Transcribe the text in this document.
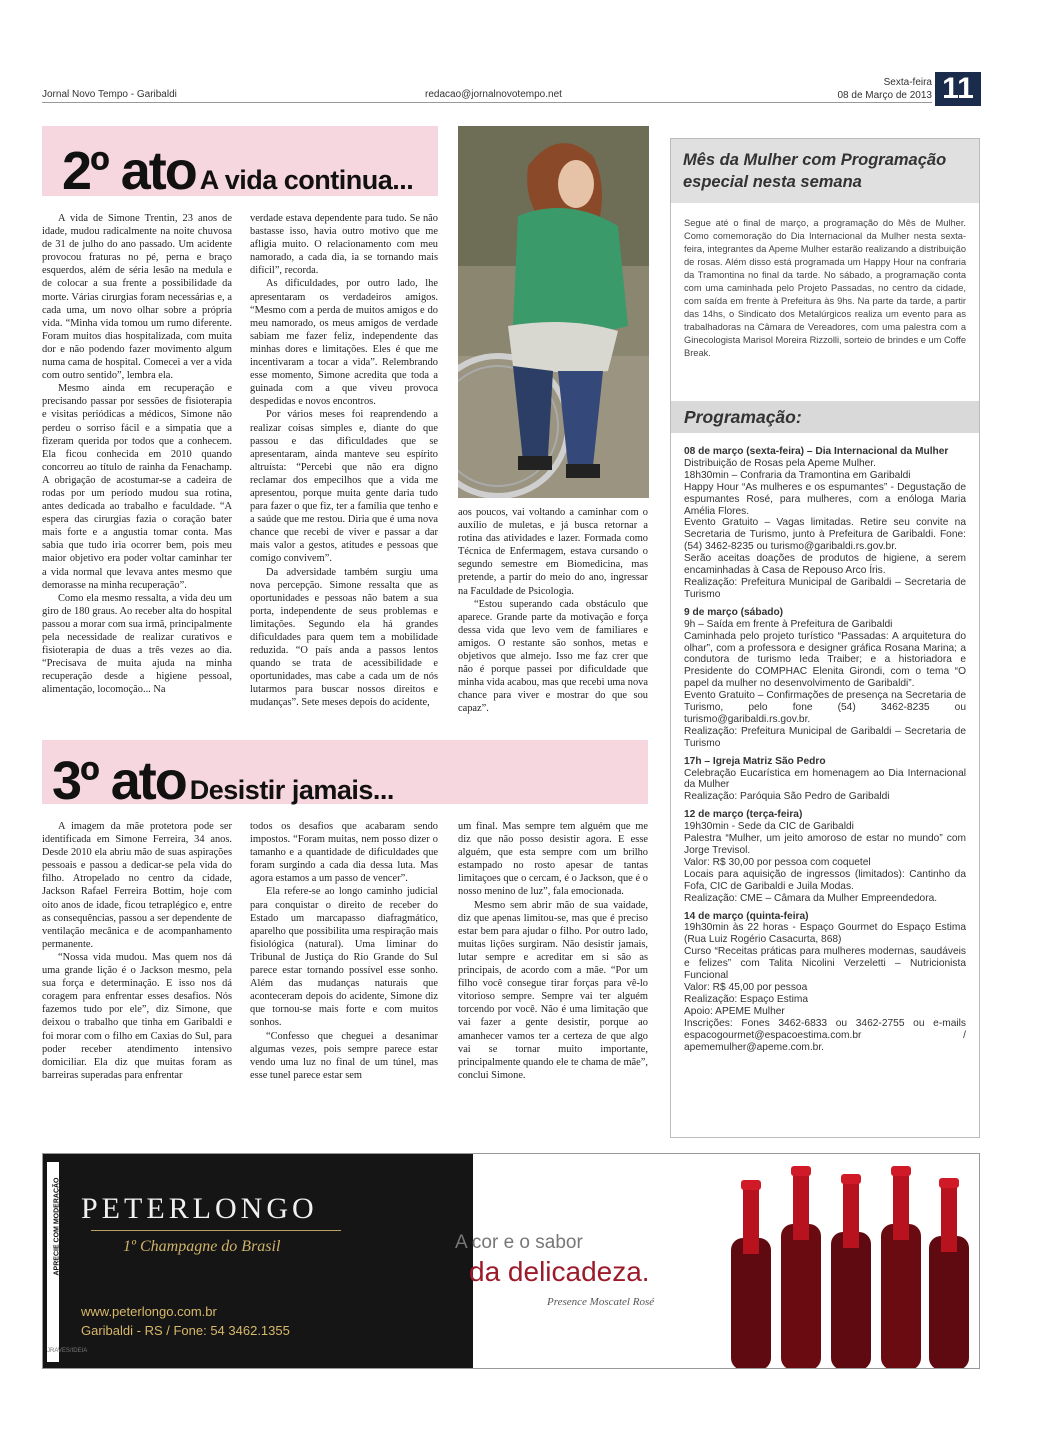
Jornal Novo Tempo - Garibaldi	redacao@jornalnovotempo.net
Sexta-feira
08 de Março de 2013 11
2º ato A vida continua...

A vida de Simone Trentin, 23 anos de idade, mudou radicalmente na noite chuvosa de 31 de julho do ano passado. Um acidente provocou fraturas no pé, perna e braço esquerdos, além de séria lesão na medula e de colocar a sua frente a possibilidade da morte. Várias cirurgias foram necessárias e, a cada uma, um novo olhar sobre a própria vida. “Minha vida tomou um rumo diferente. Foram muitos dias hospitalizada, com muita dor e não podendo fazer movimento algum numa cama de hospital. Comecei a ver a vida com outro sentido”, lembra ela.

Mesmo ainda em recuperação e precisando passar por sessões de fisioterapia e visitas periódicas a médicos, Simone não perdeu o sorriso fácil e a simpatia que a fizeram querida por todos que a conhecem. Ela ficou conhecida em 2010 quando concorreu ao título de rainha da Fenachamp. A obrigação de acostumar-se a cadeira de rodas por um período mudou sua rotina, antes dedicada ao trabalho e faculdade. “A espera das cirurgias fazia o coração bater mais forte e a angustia tomar conta. Mas sabia que tudo iria ocorrer bem, pois meu maior objetivo era poder voltar caminhar ter a vida normal que levava antes mesmo que demorasse na minha recuperação”.

Como ela mesmo ressalta, a vida deu um giro de 180 graus. Ao receber alta do hospital passou a morar com sua irmã, principalmente pela necessidade de realizar curativos e fisioterapia de duas a três vezes ao dia. “Precisava de muita ajuda na minha recuperação desde a higiene pessoal, alimentação, locomoção... Na

verdade estava dependente para tudo. Se não bastasse isso, havia outro motivo que me afligia muito. O relacionamento com meu namorado, a cada dia, ia se tornando mais difícil”, recorda.

As dificuldades, por outro lado, lhe apresentaram os verdadeiros amigos. “Mesmo com a perda de muitos amigos e do meu namorado, os meus amigos de verdade sabiam me fazer feliz, independente das minhas dores e limitações. Eles é que me incentivaram a tocar a vida”. Relembrando esse momento, Simone acredita que toda a guinada com a que viveu provoca despedidas e novos encontros.

Por vários meses foi reaprendendo a realizar coisas simples e, diante do que passou e das dificuldades que se apresentaram, ainda manteve seu espírito altruísta: “Percebi que não era digno reclamar dos empecilhos que a vida me apresentou, porque muita gente daria tudo para fazer o que fiz, ter a família que tenho e a saúde que me restou. Diria que é uma nova chance que recebi de viver e passar a dar mais valor a gestos, atitudes e pessoas que comigo convivem”.

Da adversidade também surgiu uma nova percepção. Simone ressalta que as oportunidades e pessoas não batem a sua porta, independente de seus problemas e limitações. Segundo ela há grandes dificuldades para quem tem a mobilidade reduzida. “O país anda a passos lentos quando se trata de acessibilidade e oportunidades, mas cabe a cada um de nós lutarmos para buscar nossos direitos e mudanças”. Sete meses depois do acidente,

aos poucos, vai voltando a caminhar com o auxílio de muletas, e já busca retornar a rotina das atividades e lazer. Formada como Técnica de Enfermagem, estava cursando o segundo semestre em Biomedicina, mas pretende, a partir do meio do ano, ingressar na Faculdade de Psicologia.

“Estou superando cada obstáculo que aparece. Grande parte da motivação e força dessa vida que levo vem de familiares e amigos. O restante são sonhos, metas e objetivos que almejo. Isso me faz crer que não é porque passei por dificuldade que minha vida acabou, mas que recebi uma nova chance para viver e mostrar do que sou capaz”.

3º ato Desistir jamais...

A imagem da mãe protetora pode ser identificada em Simone Ferreira, 34 anos. Desde 2010 ela abriu mão de suas aspirações pessoais e passou a dedicar-se pela vida do filho. Atropelado no centro da cidade, Jackson Rafael Ferreira Bottim, hoje com oito anos de idade, ficou tetraplégico e, entre as consequências, passou a ser dependente de ventilação mecânica e de acompanhamento permanente.

“Nossa vida mudou. Mas quem nos dá uma grande lição é o Jackson mesmo, pela sua força e determinação. E isso nos dá coragem para enfrentar esses desafios. Nós fazemos tudo por ele”, diz Simone, que deixou o trabalho que tinha em Garibaldi e foi morar com o filho em Caxias do Sul, para poder receber atendimento intensivo domiciliar. Ela diz que muitas foram as barreiras superadas para enfrentar

todos os desafios que acabaram sendo impostos. “Foram muitas, nem posso dizer o tamanho e a quantidade de dificuldades que foram surgindo a cada dia dessa luta. Mas agora estamos a um passo de vencer”.

Ela refere-se ao longo caminho judicial para conquistar o direito de receber do Estado um marcapasso diafragmático, aparelho que possibilita uma respiração mais fisiológica (natural). Uma liminar do Tribunal de Justiça do Rio Grande do Sul parece estar tornando possível esse sonho. Além das mudanças naturais que aconteceram depois do acidente, Simone diz que tornou-se mais forte e com muitos sonhos.

“Confesso que cheguei a desanimar algumas vezes, pois sempre parece estar vendo uma luz no final de um túnel, mas esse tunel parece estar sem

um final. Mas sempre tem alguém que me diz que não posso desistir agora. E esse alguém, que esta sempre com um brilho estampado no rosto apesar de tantas limitaçoes que o cercam, é o Jackson, que é o nosso menino de luz”, fala emocionada.

Mesmo sem abrir mão de sua vaidade, diz que apenas limitou-se, mas que é preciso estar bem para ajudar o filho. Por outro lado, muitas lições surgiram. Não desistir jamais, lutar sempre e acreditar em si são as principais, de acordo com a mãe. “Por um filho você consegue tirar forças para vê-lo vitorioso sempre. Sempre vai ter alguém torcendo por você. Não é uma limitação que vai fazer a gente desistir, porque ao amanhecer vamos ter a certeza de que algo vai se tornar muito importante, principalmente quando ele te chama de mãe”, conclui Simone.

Mês da Mulher com Programação especial nesta semana
Segue até o final de março, a programação do Mês de Mulher. Como comemoração do Dia Internacional da Mulher nesta sexta-feira, integrantes da Apeme Mulher estarão realizando a distribuição de rosas. Além disso está programada um Happy Hour na confraria da Tramontina no final da tarde. No sábado, a programação conta com uma caminhada pelo Projeto Passadas, no centro da cidade, com saída em frente à Prefeitura às 9hs. Na parte da tarde, a partir das 14hs, o Sindicato dos Metalúrgicos realiza um evento para as trabalhadoras na Câmara de Vereadores, com uma palestra com a Ginecologista Marisol Moreira Rizzolli, sorteio de brindes e um Coffe Break.
Programação:
08 de março (sexta-feira) – Dia Internacional da Mulher
Distribuição de Rosas pela Apeme Mulher.
18h30min – Confraria da Tramontina em Garibaldi
Happy Hour “As mulheres e os espumantes” - Degustação de espumantes Rosé, para mulheres, com a enóloga Maria Amélia Flores.
Evento Gratuito – Vagas limitadas. Retire seu convite na Secretaria de Turismo, junto à Prefeitura de Garibaldi. Fone: (54) 3462-8235 ou turismo@garibaldi.rs.gov.br.
Serão aceitas doações de produtos de higiene, a serem encaminhadas à Casa de Repouso Arco Íris.
Realização: Prefeitura Municipal de Garibaldi – Secretaria de Turismo
9 de março (sábado)
9h – Saída em frente à Prefeitura de Garibaldi
Caminhada pelo projeto turístico “Passadas: A arquitetura do olhar”, com a professora e designer gráfica Rosana Marina; a condutora de turismo Ieda Traiber; e a historiadora e Presidente do COMPHAC Elenita Girondi, com o tema “O papel da mulher no desenvolvimento de Garibaldi”.
Evento Gratuito – Confirmações de presença na Secretaria de Turismo, pelo fone (54) 3462-8235 ou turismo@garibaldi.rs.gov.br.
Realização: Prefeitura Municipal de Garibaldi – Secretaria de Turismo
17h – Igreja Matriz São Pedro
Celebração Eucarística em homenagem ao Dia Internacional da Mulher
Realização: Paróquia São Pedro de Garibaldi
12 de março (terça-feira)
19h30min - Sede da CIC de Garibaldi
Palestra “Mulher, um jeito amoroso de estar no mundo” com Jorge Trevisol.
Valor: R$ 30,00 por pessoa com coquetel
Locais para aquisição de ingressos (limitados): Cantinho da Fofa, CIC de Garibaldi e Juila Modas.
Realização: CME – Câmara da Mulher Empreendedora.
14 de março (quinta-feira)
19h30min às 22 horas - Espaço Gourmet do Espaço Estima (Rua Luiz Rogério Casacurta, 868)
Curso “Receitas práticas para mulheres modernas, saudáveis e felizes” com Talita Nicolini Verzeletti – Nutricionista Funcional
Valor: R$ 45,00 por pessoa
Realização: Espaço Estima
Apoio: APEME Mulher
Inscrições: Fones 3462-6833 ou 3462-2755 ou e-mails espacogourmet@espacoestima.com.br / apememulher@apeme.com.br.
APRECIE COM MODERAÇÃO PETERLONGO
1º Champagne do Brasil
www.peterlongo.com.br
Garibaldi - RS / Fone: 54 3462.1355
JRAVES/IDEIA
A cor e o sabor
da delicadeza.
Presence Moscatel Rosé
